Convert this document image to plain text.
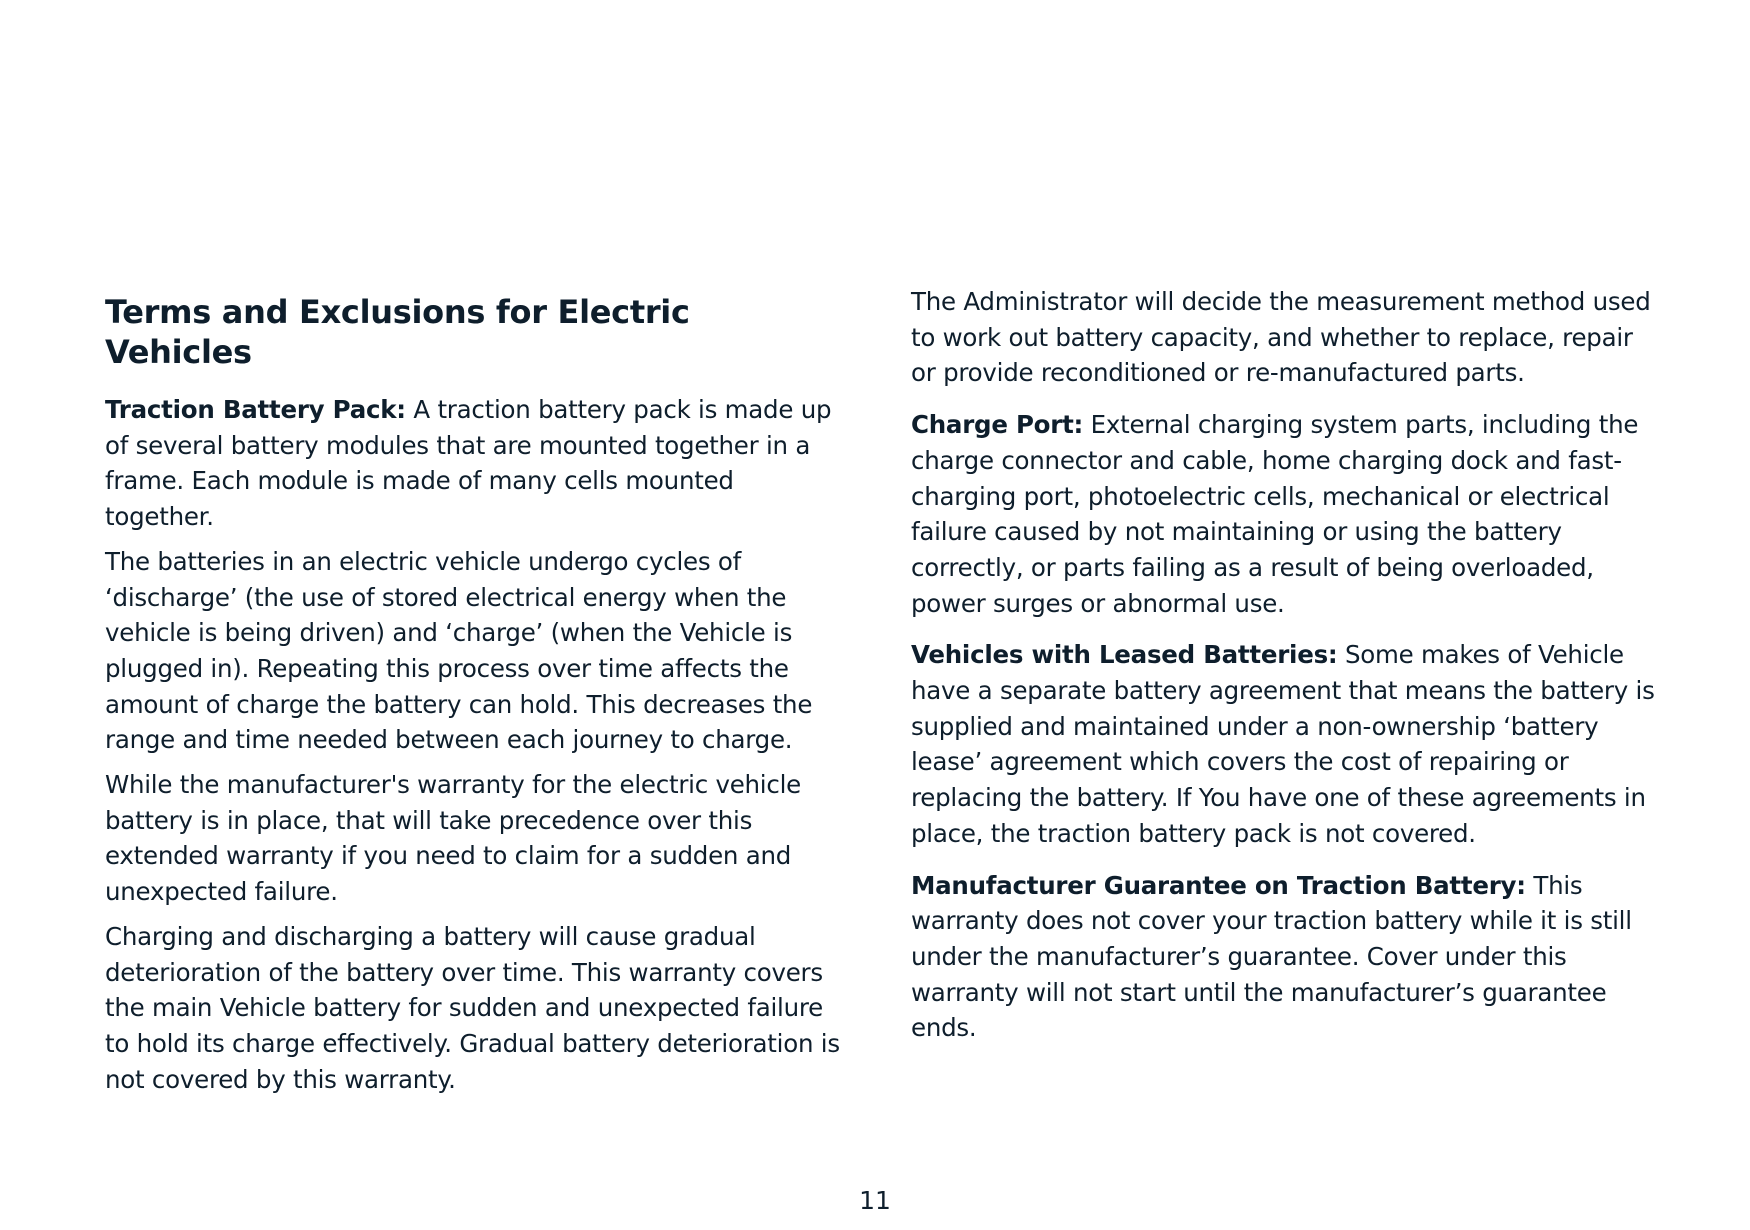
Terms and Exclusions for Electric Vehicles

Traction Battery Pack: A traction battery pack is made up of several battery modules that are mounted together in a frame. Each module is made of many cells mounted together.

The batteries in an electric vehicle undergo cycles of ‘discharge’ (the use of stored electrical energy when the vehicle is being driven) and ‘charge’ (when the Vehicle is plugged in). Repeating this process over time affects the amount of charge the battery can hold. This decreases the range and time needed between each journey to charge.

While the manufacturer's warranty for the electric vehicle battery is in place, that will take precedence over this extended warranty if you need to claim for a sudden and unexpected failure.

Charging and discharging a battery will cause gradual deterioration of the battery over time. This warranty covers the main Vehicle battery for sudden and unexpected failure to hold its charge effectively. Gradual battery deterioration is not covered by this warranty.

The Administrator will decide the measurement method used to work out battery capacity, and whether to replace, repair or provide reconditioned or re-manufactured parts.

Charge Port: External charging system parts, including the charge connector and cable, home charging dock and fast-charging port, photoelectric cells, mechanical or electrical failure caused by not maintaining or using the battery correctly, or parts failing as a result of being overloaded, power surges or abnormal use.

Vehicles with Leased Batteries: Some makes of Vehicle have a separate battery agreement that means the battery is supplied and maintained under a non-ownership ‘battery lease’ agreement which covers the cost of repairing or replacing the battery. If You have one of these agreements in place, the traction battery pack is not covered.

Manufacturer Guarantee on Traction Battery: This warranty does not cover your traction battery while it is still under the manufacturer’s guarantee. Cover under this warranty will not start until the manufacturer’s guarantee ends.

11
